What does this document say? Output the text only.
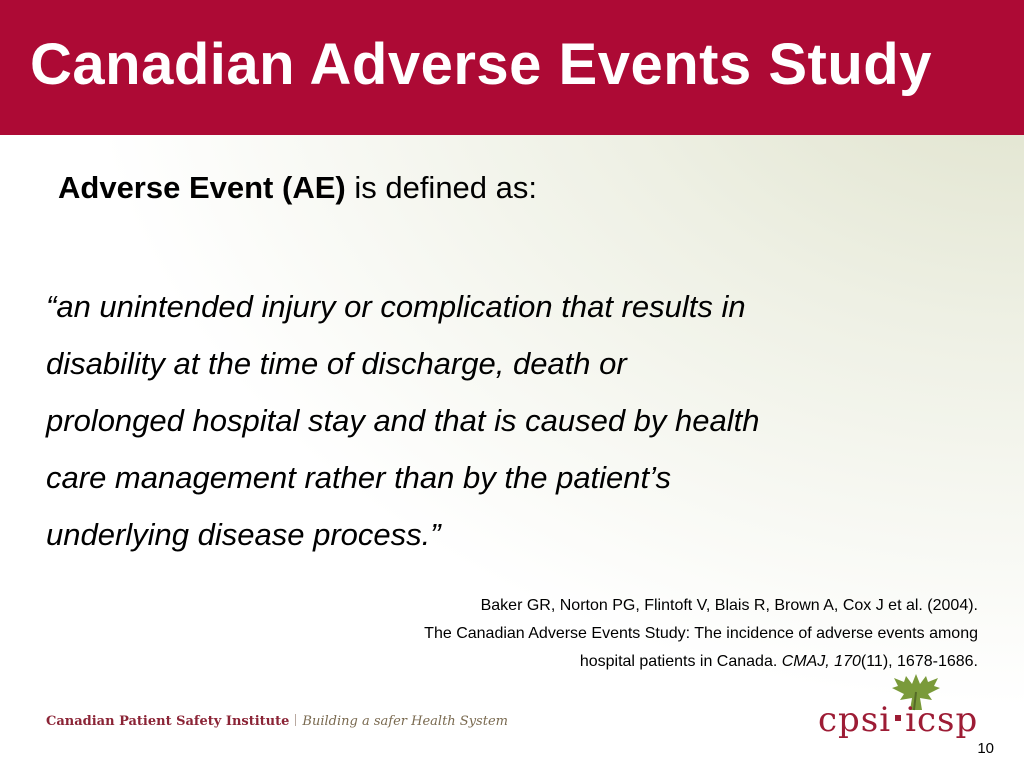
Canadian Adverse Events Study
Adverse Event (AE) is defined as:
“an unintended injury or complication that results in
disability at the time of discharge, death or
prolonged hospital stay and that is caused by health
care management rather than by the patient’s
underlying disease process.”
Baker GR, Norton PG, Flintoft V, Blais R, Brown A, Cox J et al. (2004).
The Canadian Adverse Events Study: The incidence of adverse events among
hospital patients in Canada. CMAJ, 170(11), 1678-1686.
Canadian Patient Safety Institute Building a safer Health System	cpsi icsp
10
